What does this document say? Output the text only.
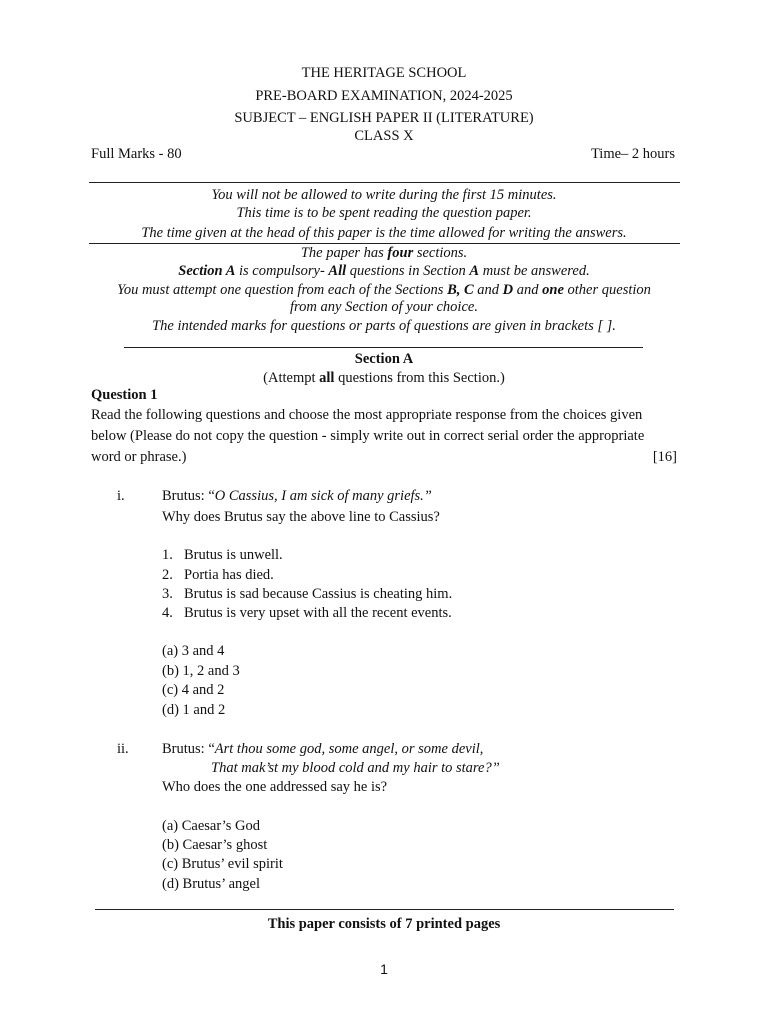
THE HERITAGE SCHOOL
PRE-BOARD EXAMINATION, 2024-2025
SUBJECT – ENGLISH PAPER II (LITERATURE)
CLASS X
Full Marks - 80	Time– 2 hours
You will not be allowed to write during the first 15 minutes.
This time is to be spent reading the question paper.
The time given at the head of this paper is the time allowed for writing the answers.
The paper has four sections.
Section A is compulsory- All questions in Section A must be answered.
You must attempt one question from each of the Sections B, C and D and one other question
from any Section of your choice.
The intended marks for questions or parts of questions are given in brackets [ ].
Section A
(Attempt all questions from this Section.)
Question 1
Read the following questions and choose the most appropriate response from the choices given
below (Please do not copy the question - simply write out in correct serial order the appropriate
word or phrase.)	[16]
i.	Brutus: “O Cassius, I am sick of many griefs.”
Why does Brutus say the above line to Cassius?
1. Brutus is unwell.
2. Portia has died.
3. Brutus is sad because Cassius is cheating him.
4. Brutus is very upset with all the recent events.
(a) 3 and 4
(b) 1, 2 and 3
(c) 4 and 2
(d) 1 and 2
ii. Brutus: “Art thou some god, some angel, or some devil,
That mak’st my blood cold and my hair to stare?”
Who does the one addressed say he is?
(a) Caesar’s God
(b) Caesar’s ghost
(c) Brutus’ evil spirit
(d) Brutus’ angel
This paper consists of 7 printed pages
1
